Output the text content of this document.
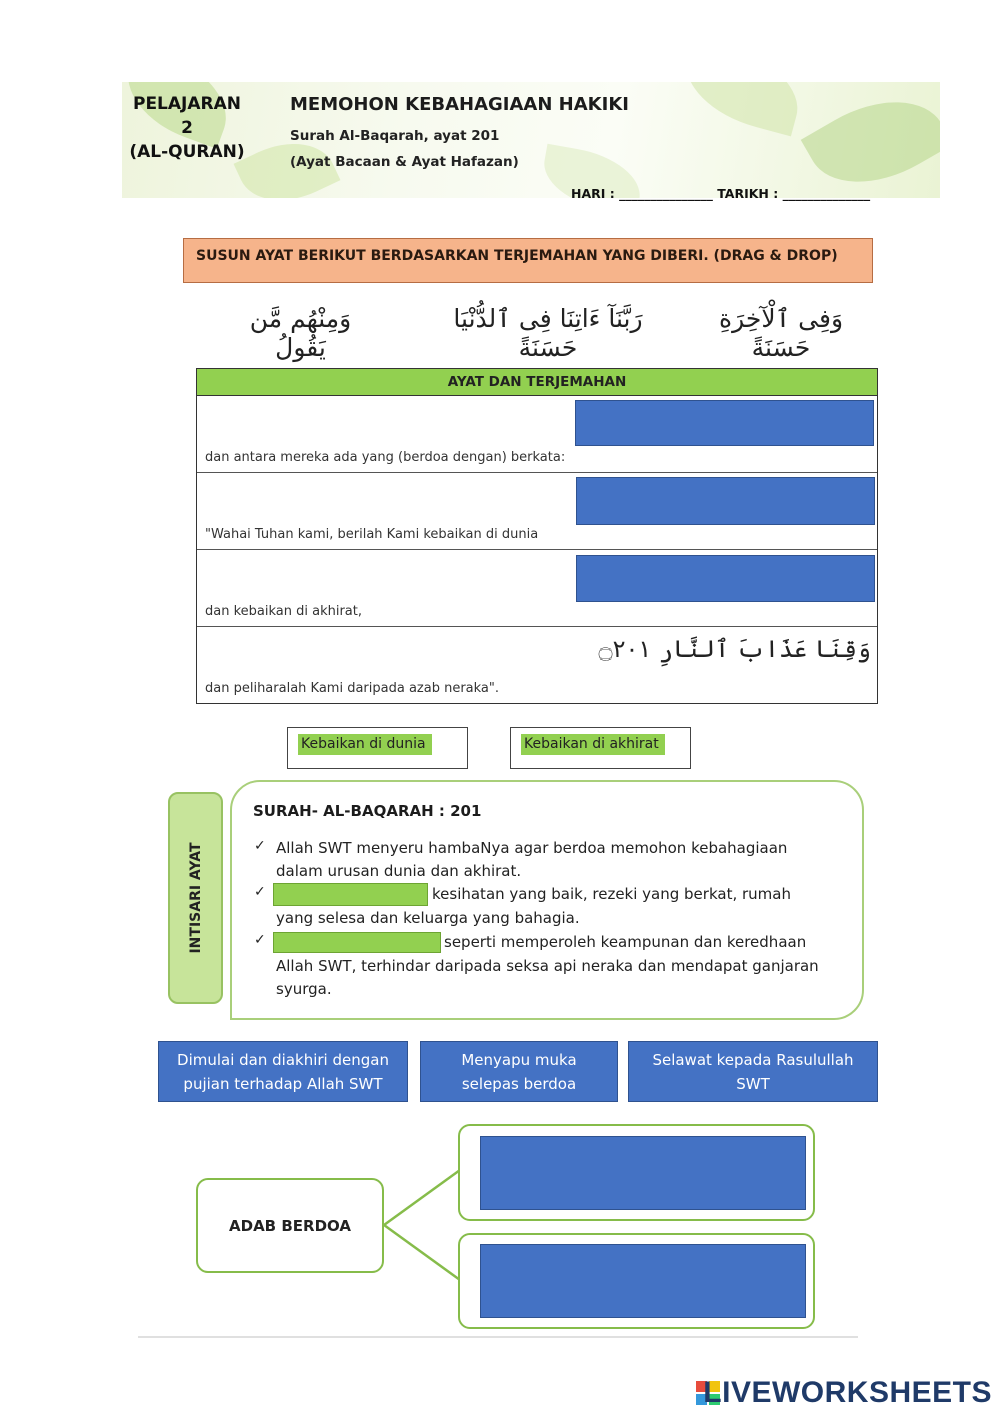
PELAJARAN
2
(AL-QURAN)
MEMOHON KEBAHAGIAAN HAKIKI
Surah Al-Baqarah, ayat 201
(Ayat Bacaan & Ayat Hafazan)
HARI : _______________ TARIKH : ______________
SUSUN AYAT BERIKUT BERDASARKAN TERJEMAHAN YANG DIBERI. (DRAG & DROP)
وَمِنْهُم مَّن يَقُولُ
رَبَّنَآ ءَاتِنَا فِى ٱلدُّنْيَا حَسَنَةً
وَفِى ٱلْآخِرَةِ حَسَنَةً
AYAT DAN TERJEMAHAN
dan antara mereka ada yang (berdoa dengan) berkata:
"Wahai Tuhan kami, berilah Kami kebaikan di dunia
dan kebaikan di akhirat,
وَقِنَا عَذَابَ ٱلنَّارِ ۝٢٠١
dan peliharalah Kami daripada azab neraka".
Kebaikan di dunia	Kebaikan di akhirat
INTISARI AYAT
SURAH- AL-BAQARAH : 201
✓ Allah SWT menyeru hambaNya agar berdoa memohon kebahagiaan
dalam urusan dunia dan akhirat.
✓	kesihatan yang baik, rezeki yang berkat, rumah
yang selesa dan keluarga yang bahagia.
✓	seperti memperoleh keampunan dan keredhaan
Allah SWT, terhindar daripada seksa api neraka dan mendapat ganjaran
syurga.
Dimulai dan diakhiri dengan
pujian terhadap Allah SWT
Menyapu muka
selepas berdoa
Selawat kepada Rasulullah
SWT
ADAB BERDOA
LIVEWORKSHEETS
